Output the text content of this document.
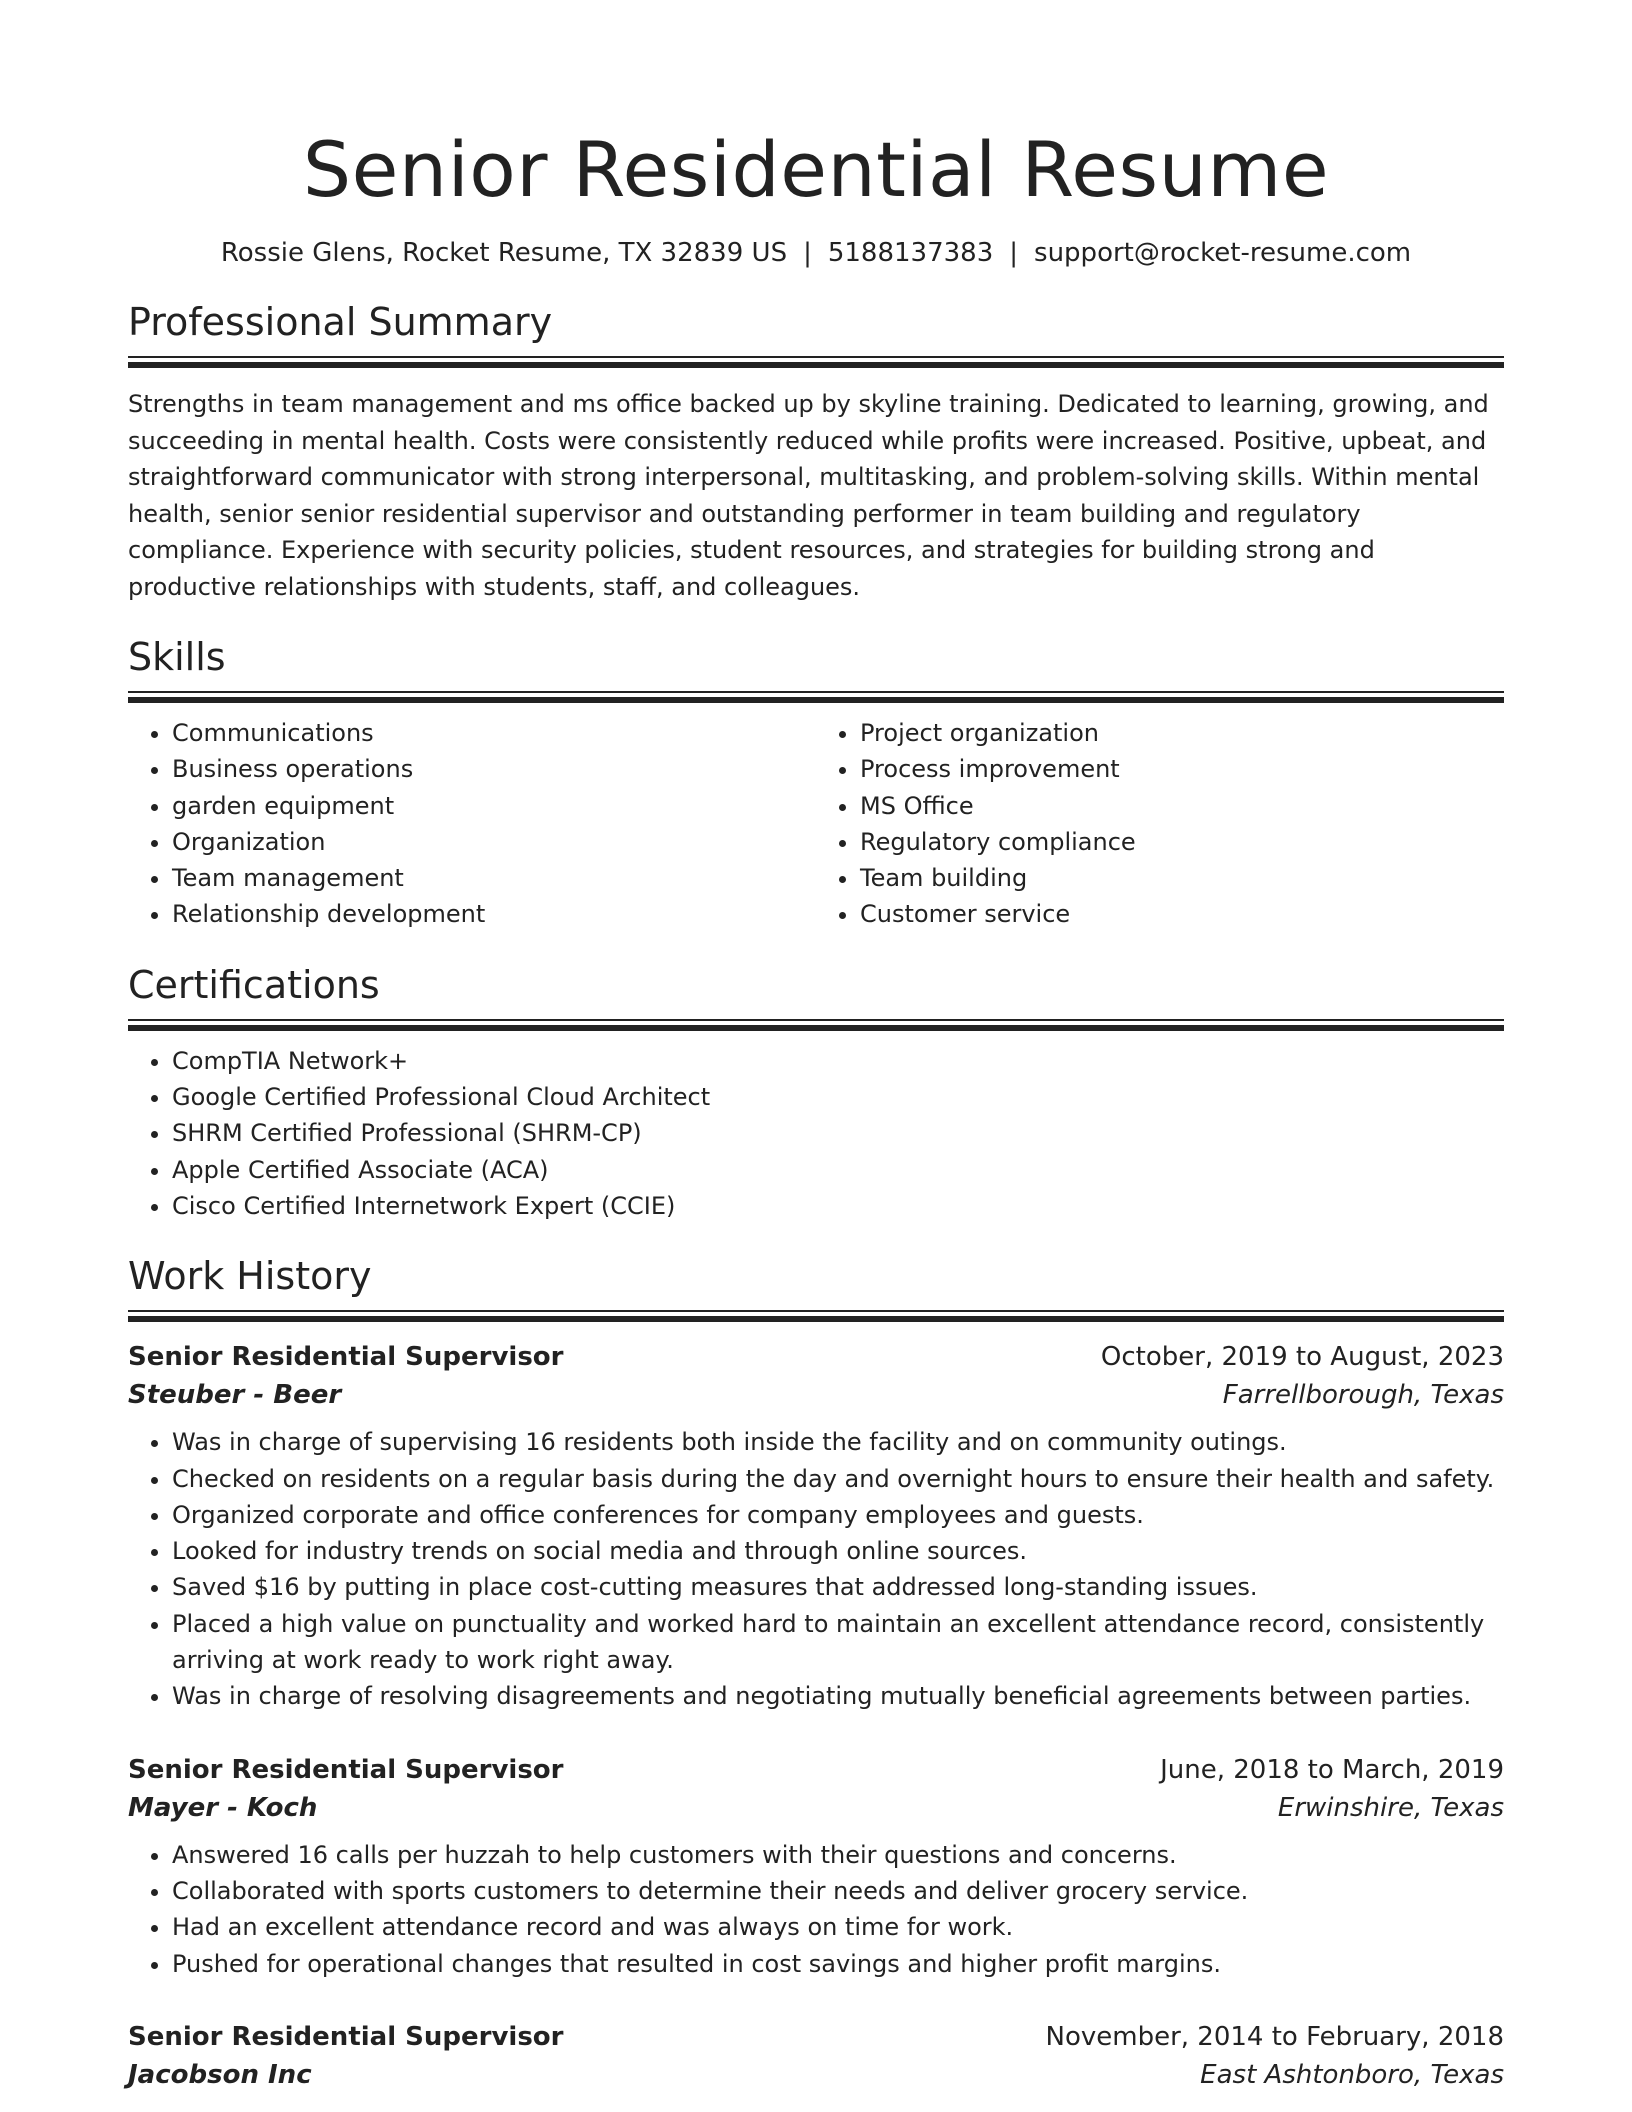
Senior Residential Resume
Rossie Glens, Rocket Resume, TX 32839 US | 5188137383 | support@rocket-resume.com
Professional Summary

Strengths in team management and ms office backed up by skyline training. Dedicated to learning, growing, and succeeding in mental health. Costs were consistently reduced while profits were increased. Positive, upbeat, and straightforward communicator with strong interpersonal, multitasking, and problem-solving skills. Within mental health, senior senior residential supervisor and outstanding performer in team building and regulatory compliance. Experience with security policies, student resources, and strategies for building strong and productive relationships with students, staff, and colleagues.

Skills
• Communications
• Business operations
• garden equipment
• Organization
• Team management
• Relationship development
• Project organization
• Process improvement
• MS Office
• Regulatory compliance
• Team building
• Customer service
Certifications
• CompTIA Network+
• Google Certified Professional Cloud Architect
• SHRM Certified Professional (SHRM-CP)
• Apple Certified Associate (ACA)
• Cisco Certified Internetwork Expert (CCIE)
Work History
Senior Residential Supervisor	October, 2019 to August, 2023
Steuber - Beer	Farrellborough, Texas
• Was in charge of supervising 16 residents both inside the facility and on community outings.
• Checked on residents on a regular basis during the day and overnight hours to ensure their health and safety.
• Organized corporate and office conferences for company employees and guests.
• Looked for industry trends on social media and through online sources.
• Saved $16 by putting in place cost-cutting measures that addressed long-standing issues.
• Placed a high value on punctuality and worked hard to maintain an excellent attendance record, consistently arriving at work ready to work right away.
• Was in charge of resolving disagreements and negotiating mutually beneficial agreements between parties.
Senior Residential Supervisor	June, 2018 to March, 2019
Mayer - Koch	Erwinshire, Texas
• Answered 16 calls per huzzah to help customers with their questions and concerns.
• Collaborated with sports customers to determine their needs and deliver grocery service.
• Had an excellent attendance record and was always on time for work.
• Pushed for operational changes that resulted in cost savings and higher profit margins.
Senior Residential Supervisor	November, 2014 to February, 2018
Jacobson Inc	East Ashtonboro, Texas
